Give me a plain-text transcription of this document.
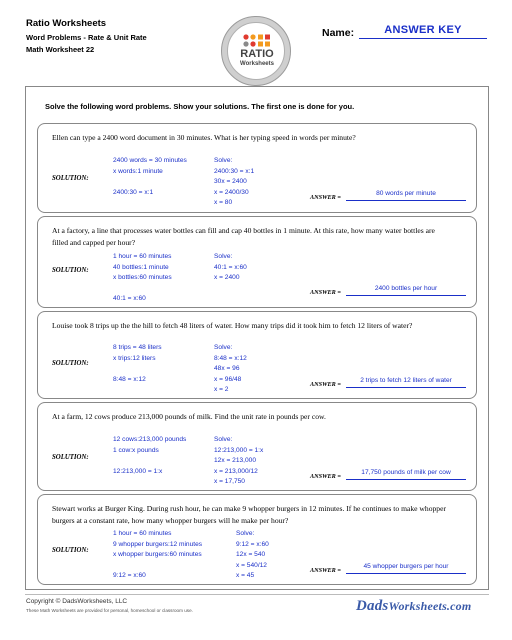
Ratio Worksheets
Word Problems - Rate & Unit Rate
Math Worksheet 22	RATIO
Worksheets
Name:	ANSWER KEY
Solve the following word problems. Show your solutions. The first one is done for you.
Ellen can type a 2400 word document in 30 minutes. What is her typing speed in words per minute?
SOLUTION:
2400 words = 30 minutes
x words:1 minute

2400:30 = x:1
Solve:
2400:30 = x:1
30x = 2400
x = 2400/30
x = 80
ANSWER =
80 words per minute
At a factory, a line that processes water bottles can fill and cap 40 bottles in 1 minute. At this rate, how many water bottles are filled and capped per hour?
SOLUTION:
1 hour = 60 minutes
40 bottles:1 minute
x bottles:60 minutes

40:1 = x:60
Solve:
40:1 = x:60
x = 2400
ANSWER =
2400 bottles per hour
Louise took 8 trips up the the hill to fetch 48 liters of water. How many trips did it took him to fetch 12 liters of water?
SOLUTION:
8 trips = 48 liters
x trips:12 liters

8:48 = x:12
Solve:
8:48 = x:12
48x = 96
x = 96/48
x = 2
ANSWER =
2 trips to fetch 12 liters of water
At a farm, 12 cows produce 213,000 pounds of milk. Find the unit rate in pounds per cow.
SOLUTION:
12 cows:213,000 pounds
1 cow:x pounds

12:213,000 = 1:x
Solve:
12:213,000 = 1:x
12x = 213,000
x = 213,000/12
x = 17,750
ANSWER =
17,750 pounds of milk per cow
Stewart works at Burger King. During rush hour, he can make 9 whopper burgers in 12 minutes. If he continues to make whopper burgers at a constant rate, how many whopper burgers will he make per hour?
SOLUTION:
1 hour = 60 minutes
9 whopper burgers:12 minutes
x whopper burgers:60 minutes

9:12 = x:60
Solve:
9:12 = x:60
12x = 540
x = 540/12
x = 45
ANSWER =
45 whopper burgers per hour
Copyright © DadsWorksheets, LLC
These Math Worksheets are provided for personal, homeschool or classroom use.	DadsWorksheets.com
